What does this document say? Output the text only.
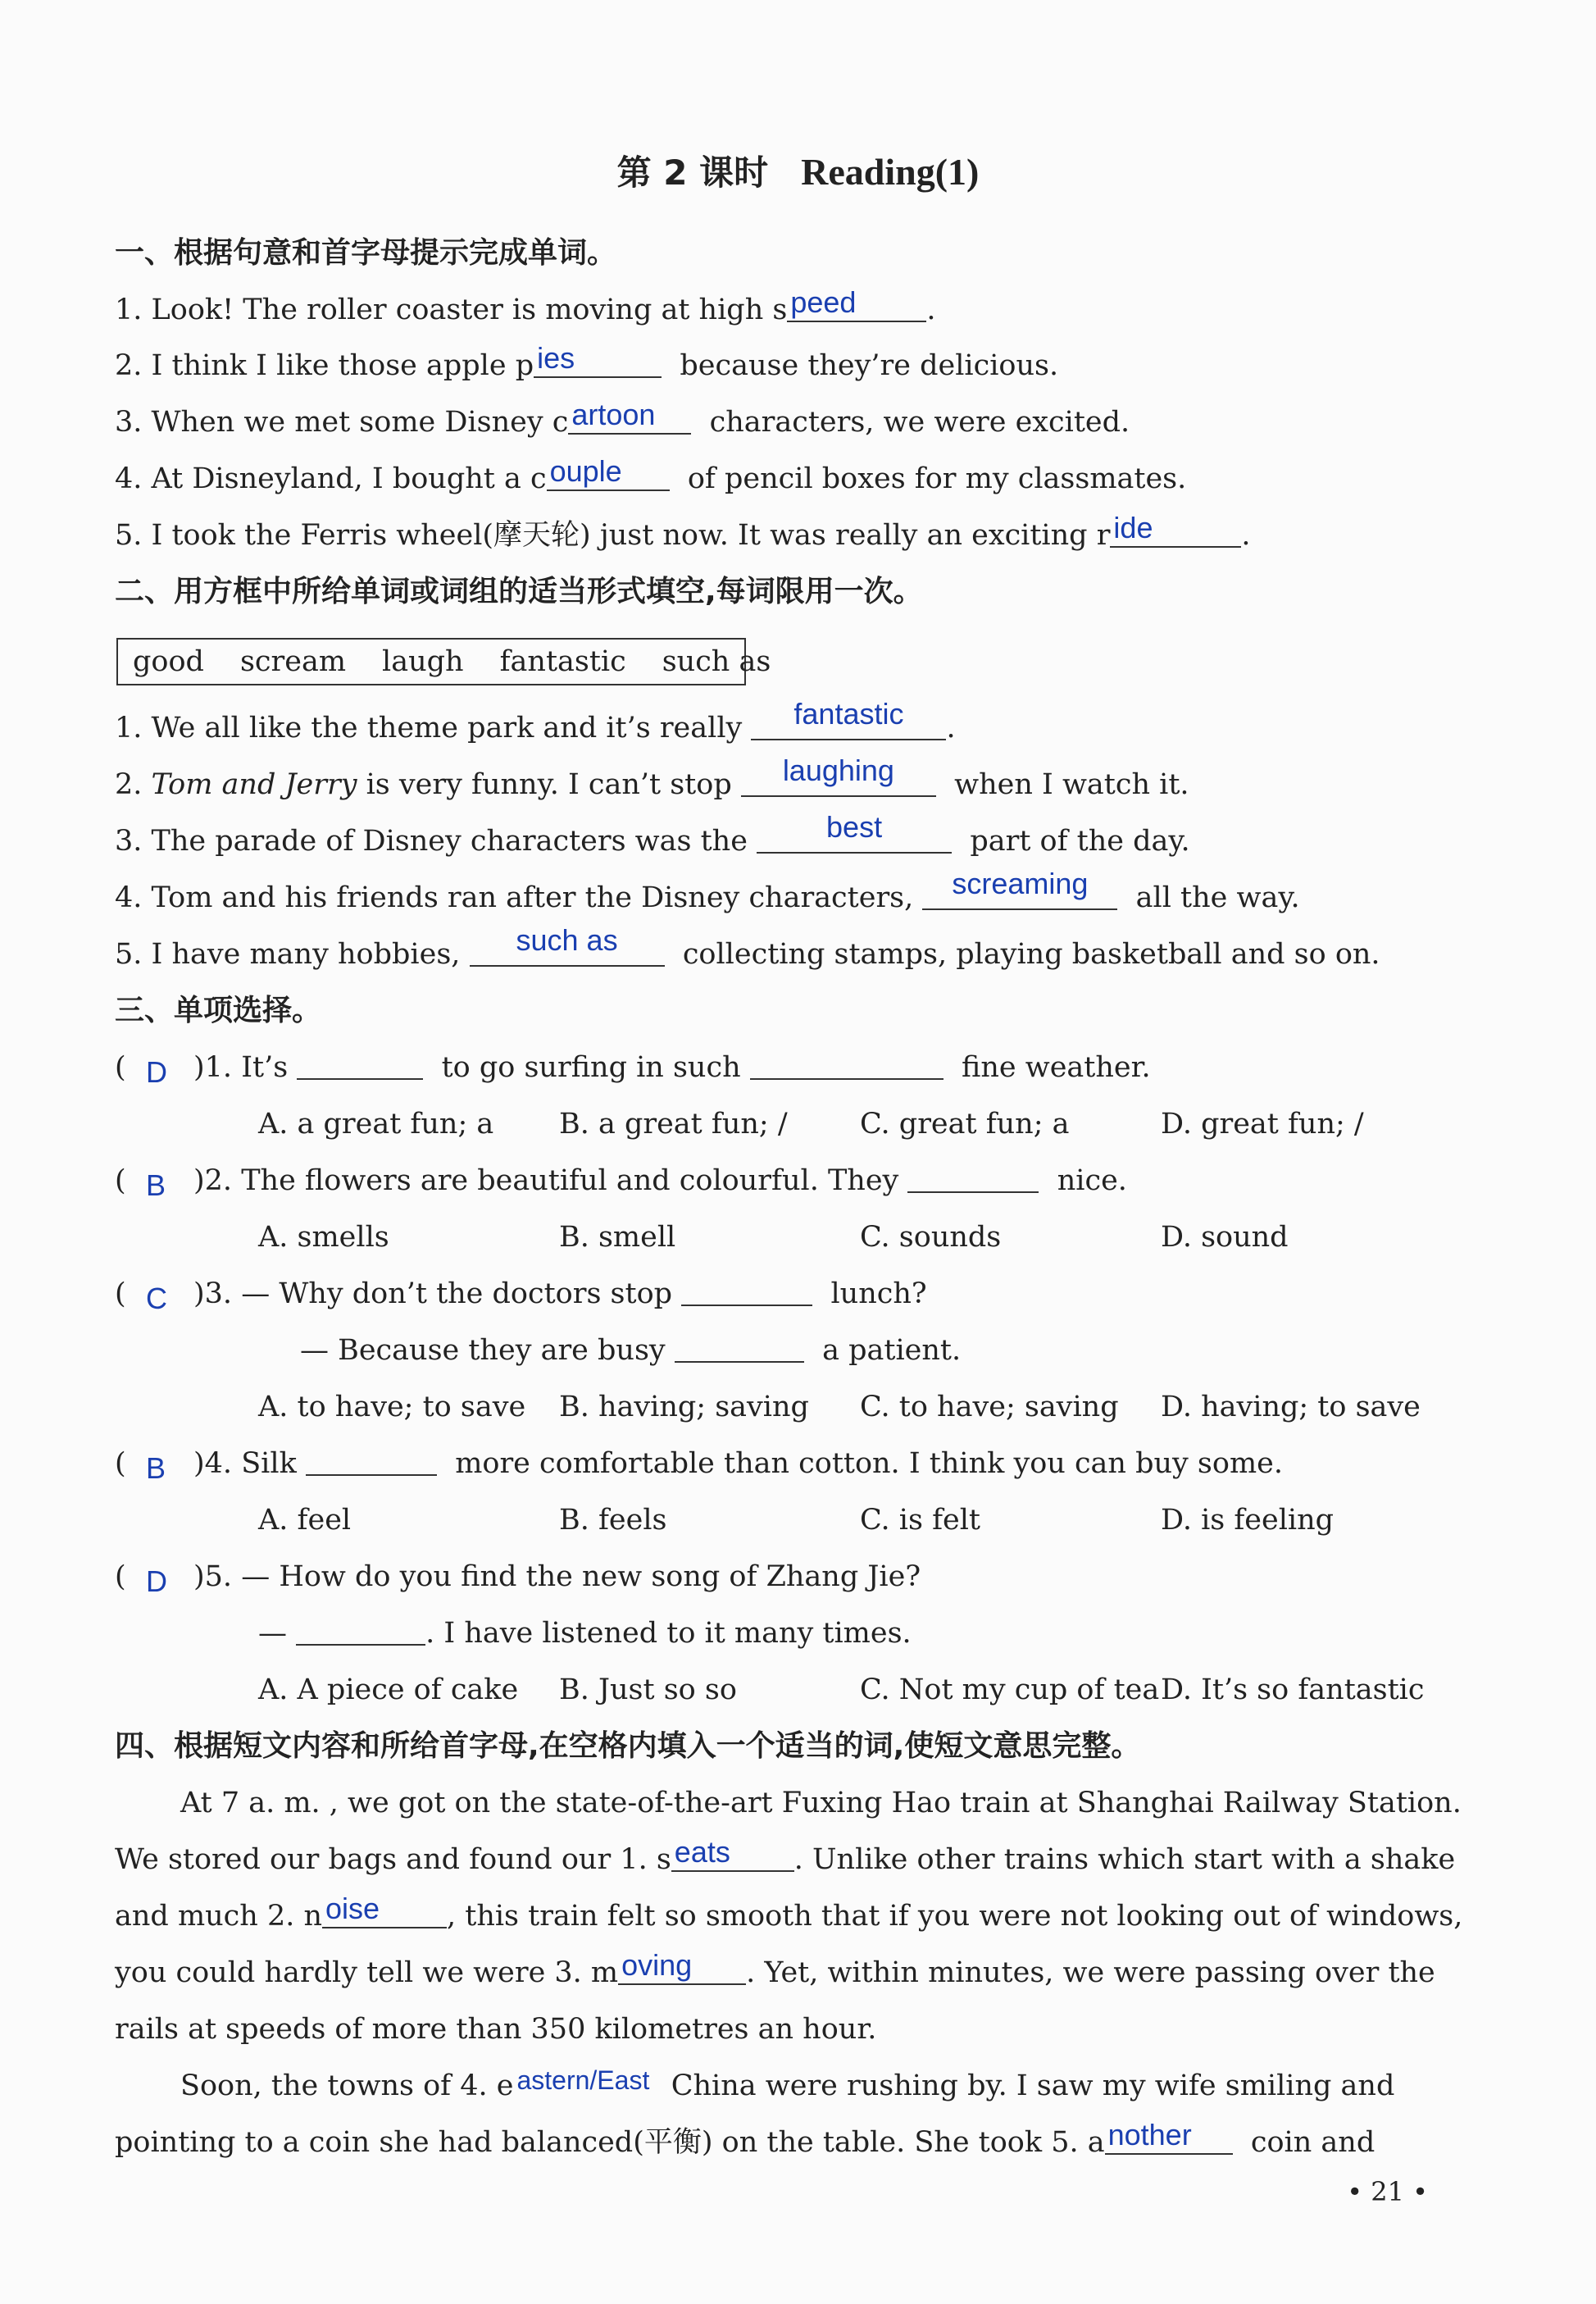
第 2 课时 Reading(1)
一、根据句意和首字母提示完成单词。
1. Look! The roller coaster is moving at high s peed .
2. I think I like those apple p ies	because they’re delicious.
3. When we met some Disney c artoon characters, we were excited.
4. At Disneyland, I bought a c ouple of pencil boxes for my classmates.
5. I took the Ferris wheel(摩天轮) just now. It was really an exciting r ide	.
二、用方框中所给单词或词组的适当形式填空,每词限用一次。
good scream laugh fantastic such as
1. We all like the theme park and it’s really	fantastic	.
2. Tom and Jerry is very funny. I can’t stop	laughing	when I watch it.
3. The parade of Disney characters was the	best	part of the day.
4. Tom and his friends ran after the Disney characters,	screaming	all the way.
5. I have many hobbies,	such as	collecting stamps, playing basketball and so on.
三、单项选择。
( D )1. It’s	to go surfing in such	fine weather.
A. a great fun; a B. a great fun; /	C. great fun; a	D. great fun; /
( B )2. The flowers are beautiful and colourful. They	nice.
A. smells	B. smell	C. sounds	D. sound
( C )3. — Why don’t the doctors stop	lunch?
— Because they are busy	a patient.
A. to have; to save B. having; saving C. to have; saving D. having; to save
( B )4. Silk	more comfortable than cotton. I think you can buy some.
A. feel	B. feels	C. is felt	D. is feeling
( D )5. — How do you find the new song of Zhang Jie?
—	. I have listened to it many times.
A. A piece of cake B. Just so so	C. Not my cup of teaD. It’s so fantastic
四、根据短文内容和所给首字母,在空格内填入一个适当的词,使短文意思完整。
At 7 a. m. , we got on the state-of-the-art Fuxing Hao train at Shanghai Railway Station.
We stored our bags and found our 1. s eats . Unlike other trains which start with a shake
and much 2. n oise , this train felt so smooth that if you were not looking out of windows,
you could hardly tell we were 3. m oving . Yet, within minutes, we were passing over the
rails at speeds of more than 350 kilometres an hour.
Soon, the towns of 4. e astern/East China were rushing by. I saw my wife smiling and
pointing to a coin she had balanced(平衡) on the table. She took 5. a nother coin and
• 21 •
